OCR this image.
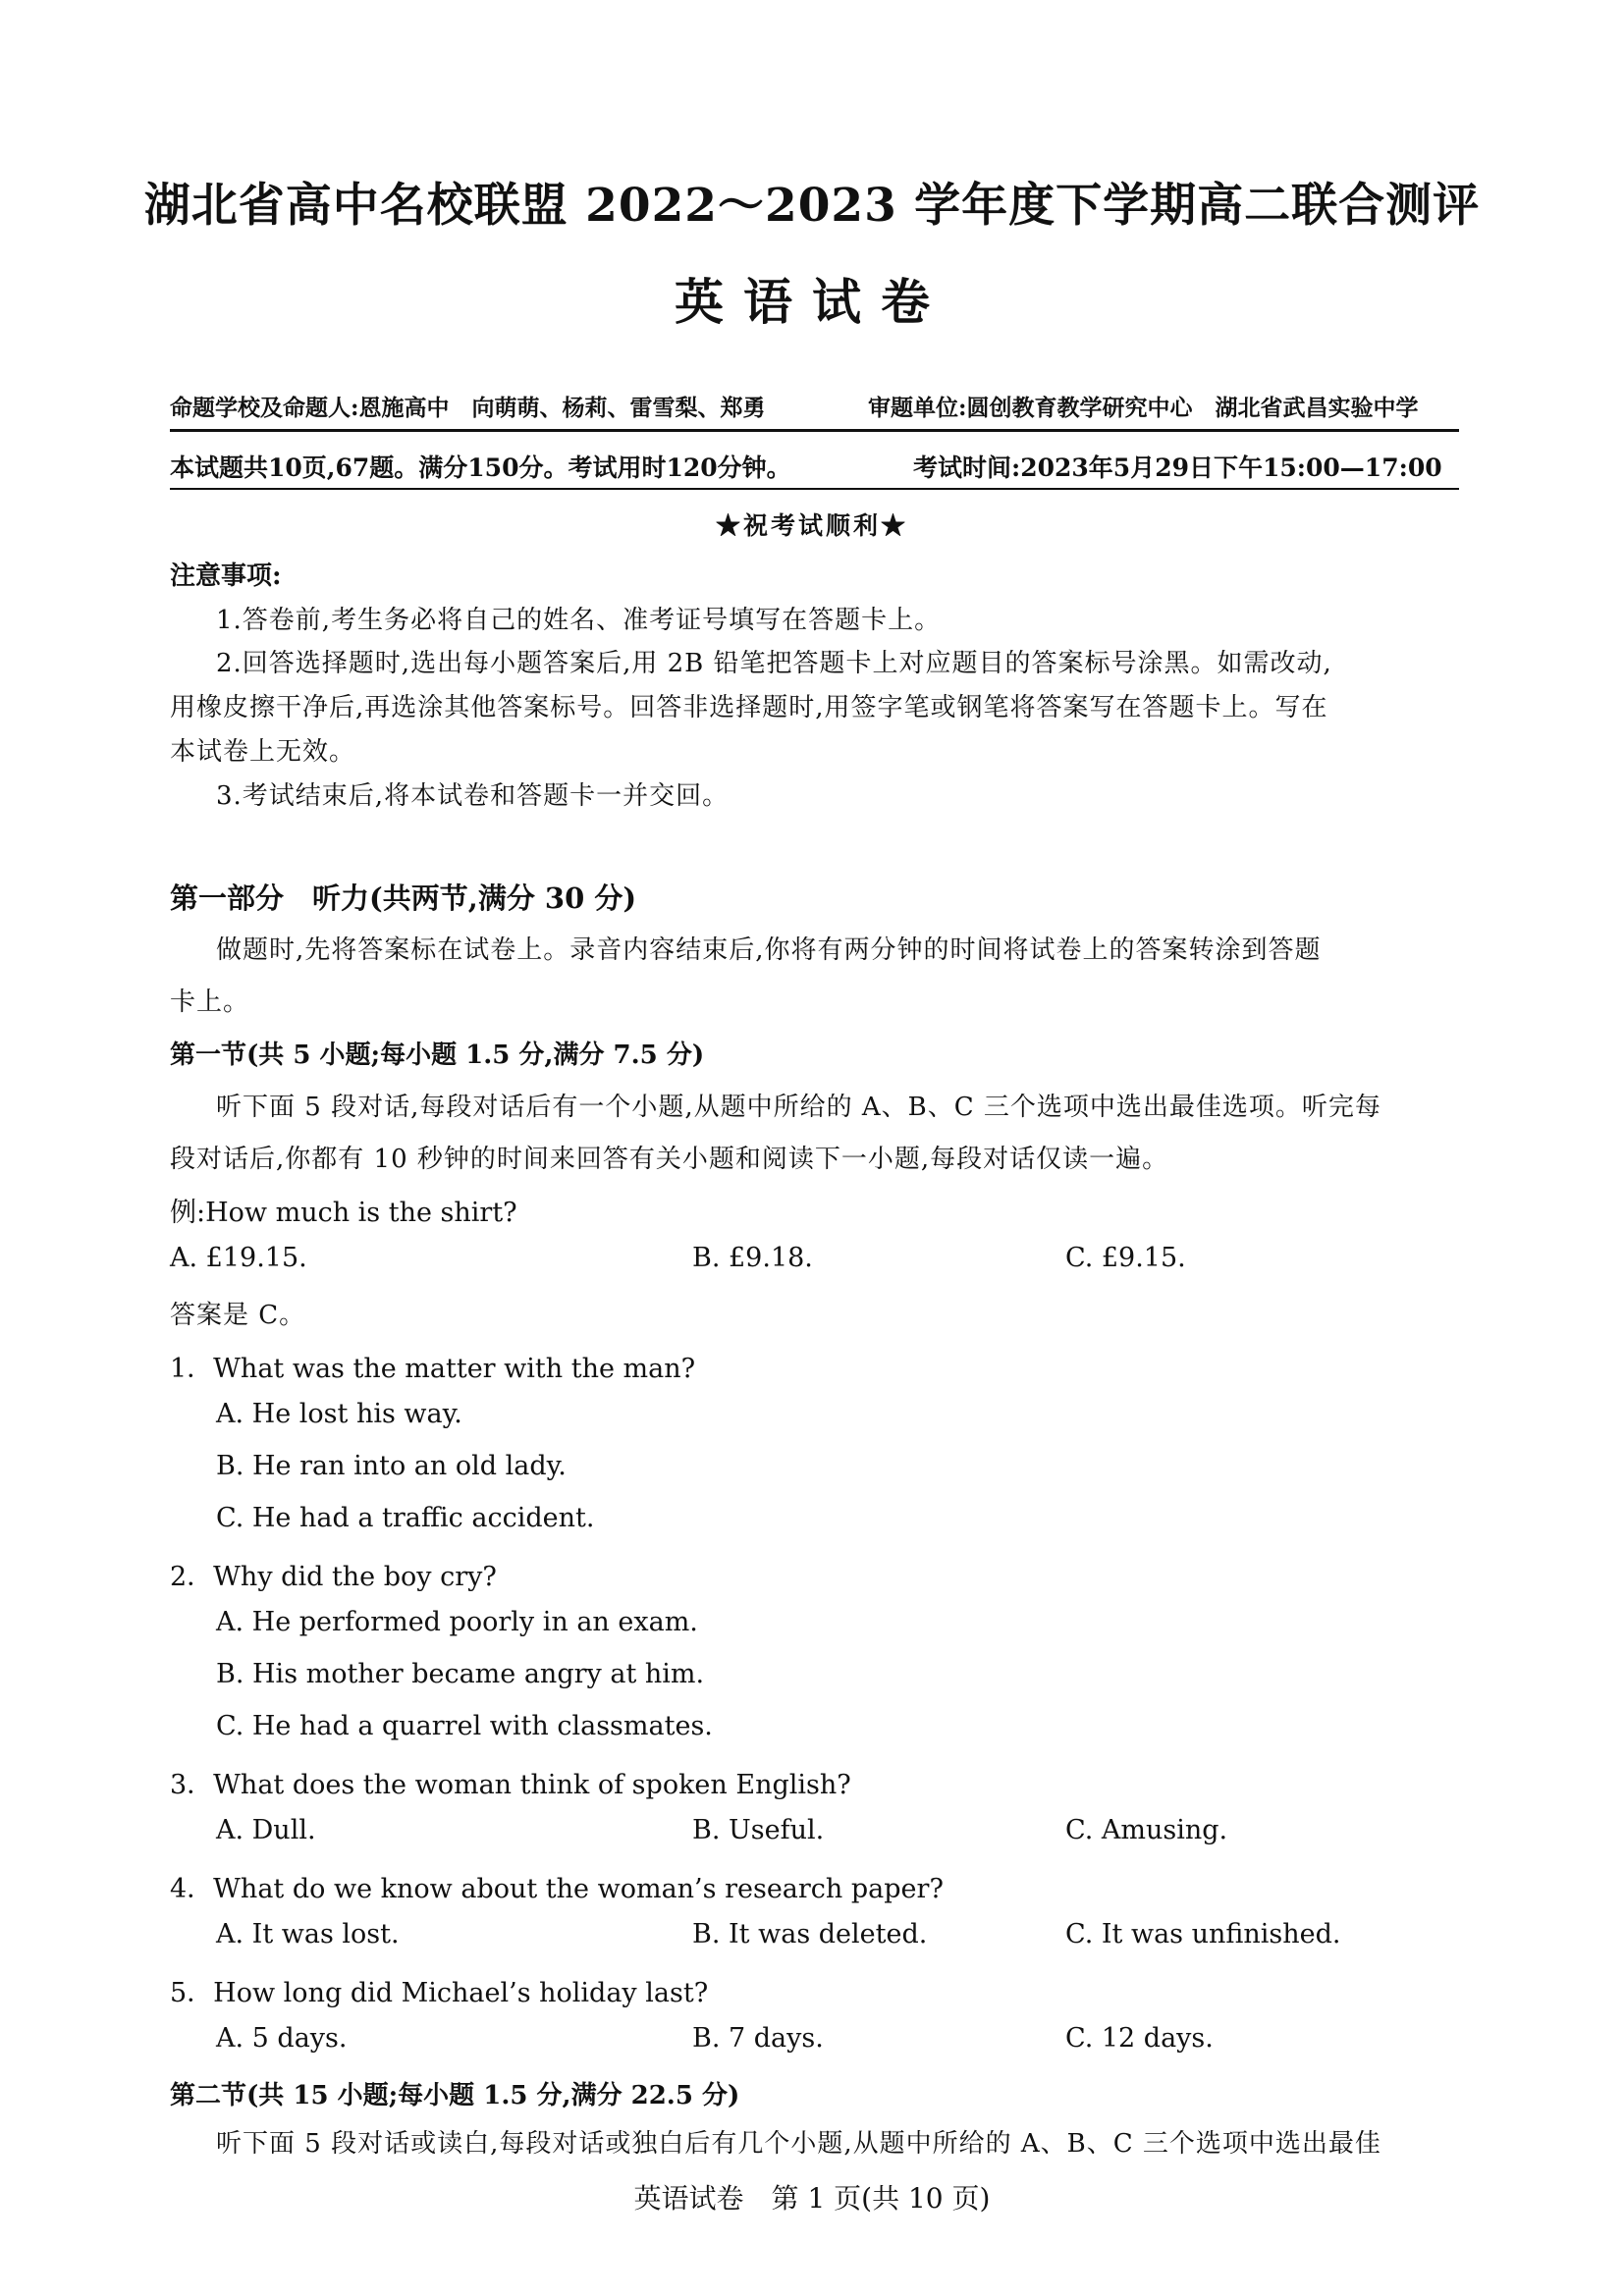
湖北省高中名校联盟 2022～2023 学年度下学期高二联合测评
英语试卷
命题学校及命题人:恩施高中　向萌萌、杨莉、雷雪梨、郑勇	审题单位:圆创教育教学研究中心　湖北省武昌实验中学
本试题共10页,67题。满分150分。考试用时120分钟。	考试时间:2023年5月29日下午15:00—17:00
★祝考试顺利★
注意事项:
1.答卷前,考生务必将自己的姓名、准考证号填写在答题卡上。
2.回答选择题时,选出每小题答案后,用 2B 铅笔把答题卡上对应题目的答案标号涂黑。如需改动,
用橡皮擦干净后,再选涂其他答案标号。回答非选择题时,用签字笔或钢笔将答案写在答题卡上。写在
本试卷上无效。
3.考试结束后,将本试卷和答题卡一并交回。
第一部分　听力(共两节,满分 30 分)
做题时,先将答案标在试卷上。录音内容结束后,你将有两分钟的时间将试卷上的答案转涂到答题
卡上。
第一节(共 5 小题;每小题 1.5 分,满分 7.5 分)
听下面 5 段对话,每段对话后有一个小题,从题中所给的 A、B、C 三个选项中选出最佳选项。听完每
段对话后,你都有 10 秒钟的时间来回答有关小题和阅读下一小题,每段对话仅读一遍。
例:How much is the shirt?
A. £19.15.	B. £9.18.	C. £9.15.
答案是 C。
1．What was the matter with the man?
A. He lost his way.
B. He ran into an old lady.
C. He had a traffic accident.
2．Why did the boy cry?
A. He performed poorly in an exam.
B. His mother became angry at him.
C. He had a quarrel with classmates.
3．What does the woman think of spoken English?
A. Dull.	B. Useful.	C. Amusing.
4．What do we know about the woman’s research paper?
A. It was lost.	B. It was deleted.	C. It was unfinished.
5．How long did Michael’s holiday last?
A. 5 days.	B. 7 days.	C. 12 days.
第二节(共 15 小题;每小题 1.5 分,满分 22.5 分)
听下面 5 段对话或读白,每段对话或独白后有几个小题,从题中所给的 A、B、C 三个选项中选出最佳
英语试卷　第 1 页(共 10 页)
